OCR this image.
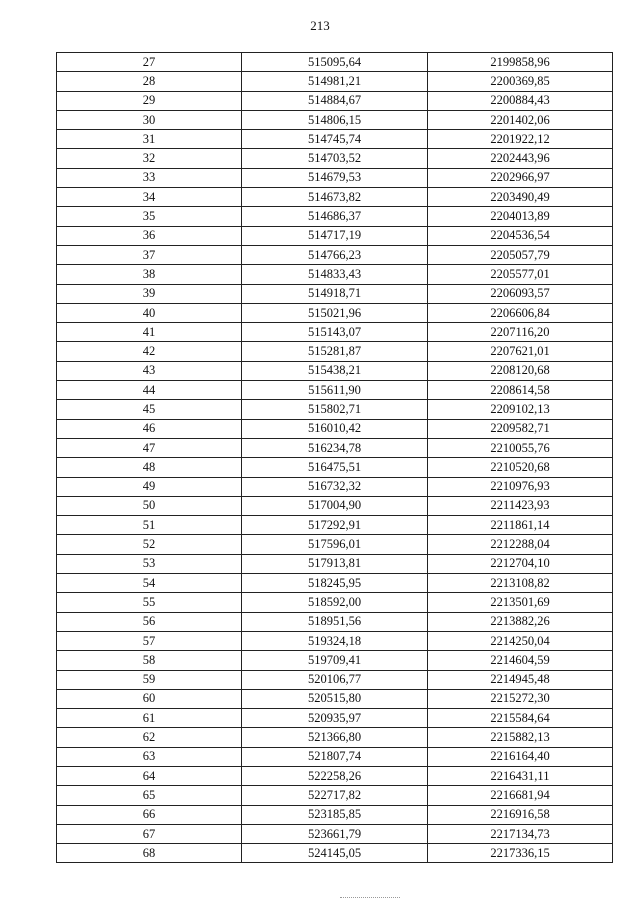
213
27	515095,64	2199858,96
28	514981,21	2200369,85
29	514884,67	2200884,43
30	514806,15	2201402,06
31	514745,74	2201922,12
32	514703,52	2202443,96
33	514679,53	2202966,97
34	514673,82	2203490,49
35	514686,37	2204013,89
36	514717,19	2204536,54
37	514766,23	2205057,79
38	514833,43	2205577,01
39	514918,71	2206093,57
40	515021,96	2206606,84
41	515143,07	2207116,20
42	515281,87	2207621,01
43	515438,21	2208120,68
44	515611,90	2208614,58
45	515802,71	2209102,13
46	516010,42	2209582,71
47	516234,78	2210055,76
48	516475,51	2210520,68
49	516732,32	2210976,93
50	517004,90	2211423,93
51	517292,91	2211861,14
52	517596,01	2212288,04
53	517913,81	2212704,10
54	518245,95	2213108,82
55	518592,00	2213501,69
56	518951,56	2213882,26
57	519324,18	2214250,04
58	519709,41	2214604,59
59	520106,77	2214945,48
60	520515,80	2215272,30
61	520935,97	2215584,64
62	521366,80	2215882,13
63	521807,74	2216164,40
64	522258,26	2216431,11
65	522717,82	2216681,94
66	523185,85	2216916,58
67	523661,79	2217134,73
68	524145,05	2217336,15
